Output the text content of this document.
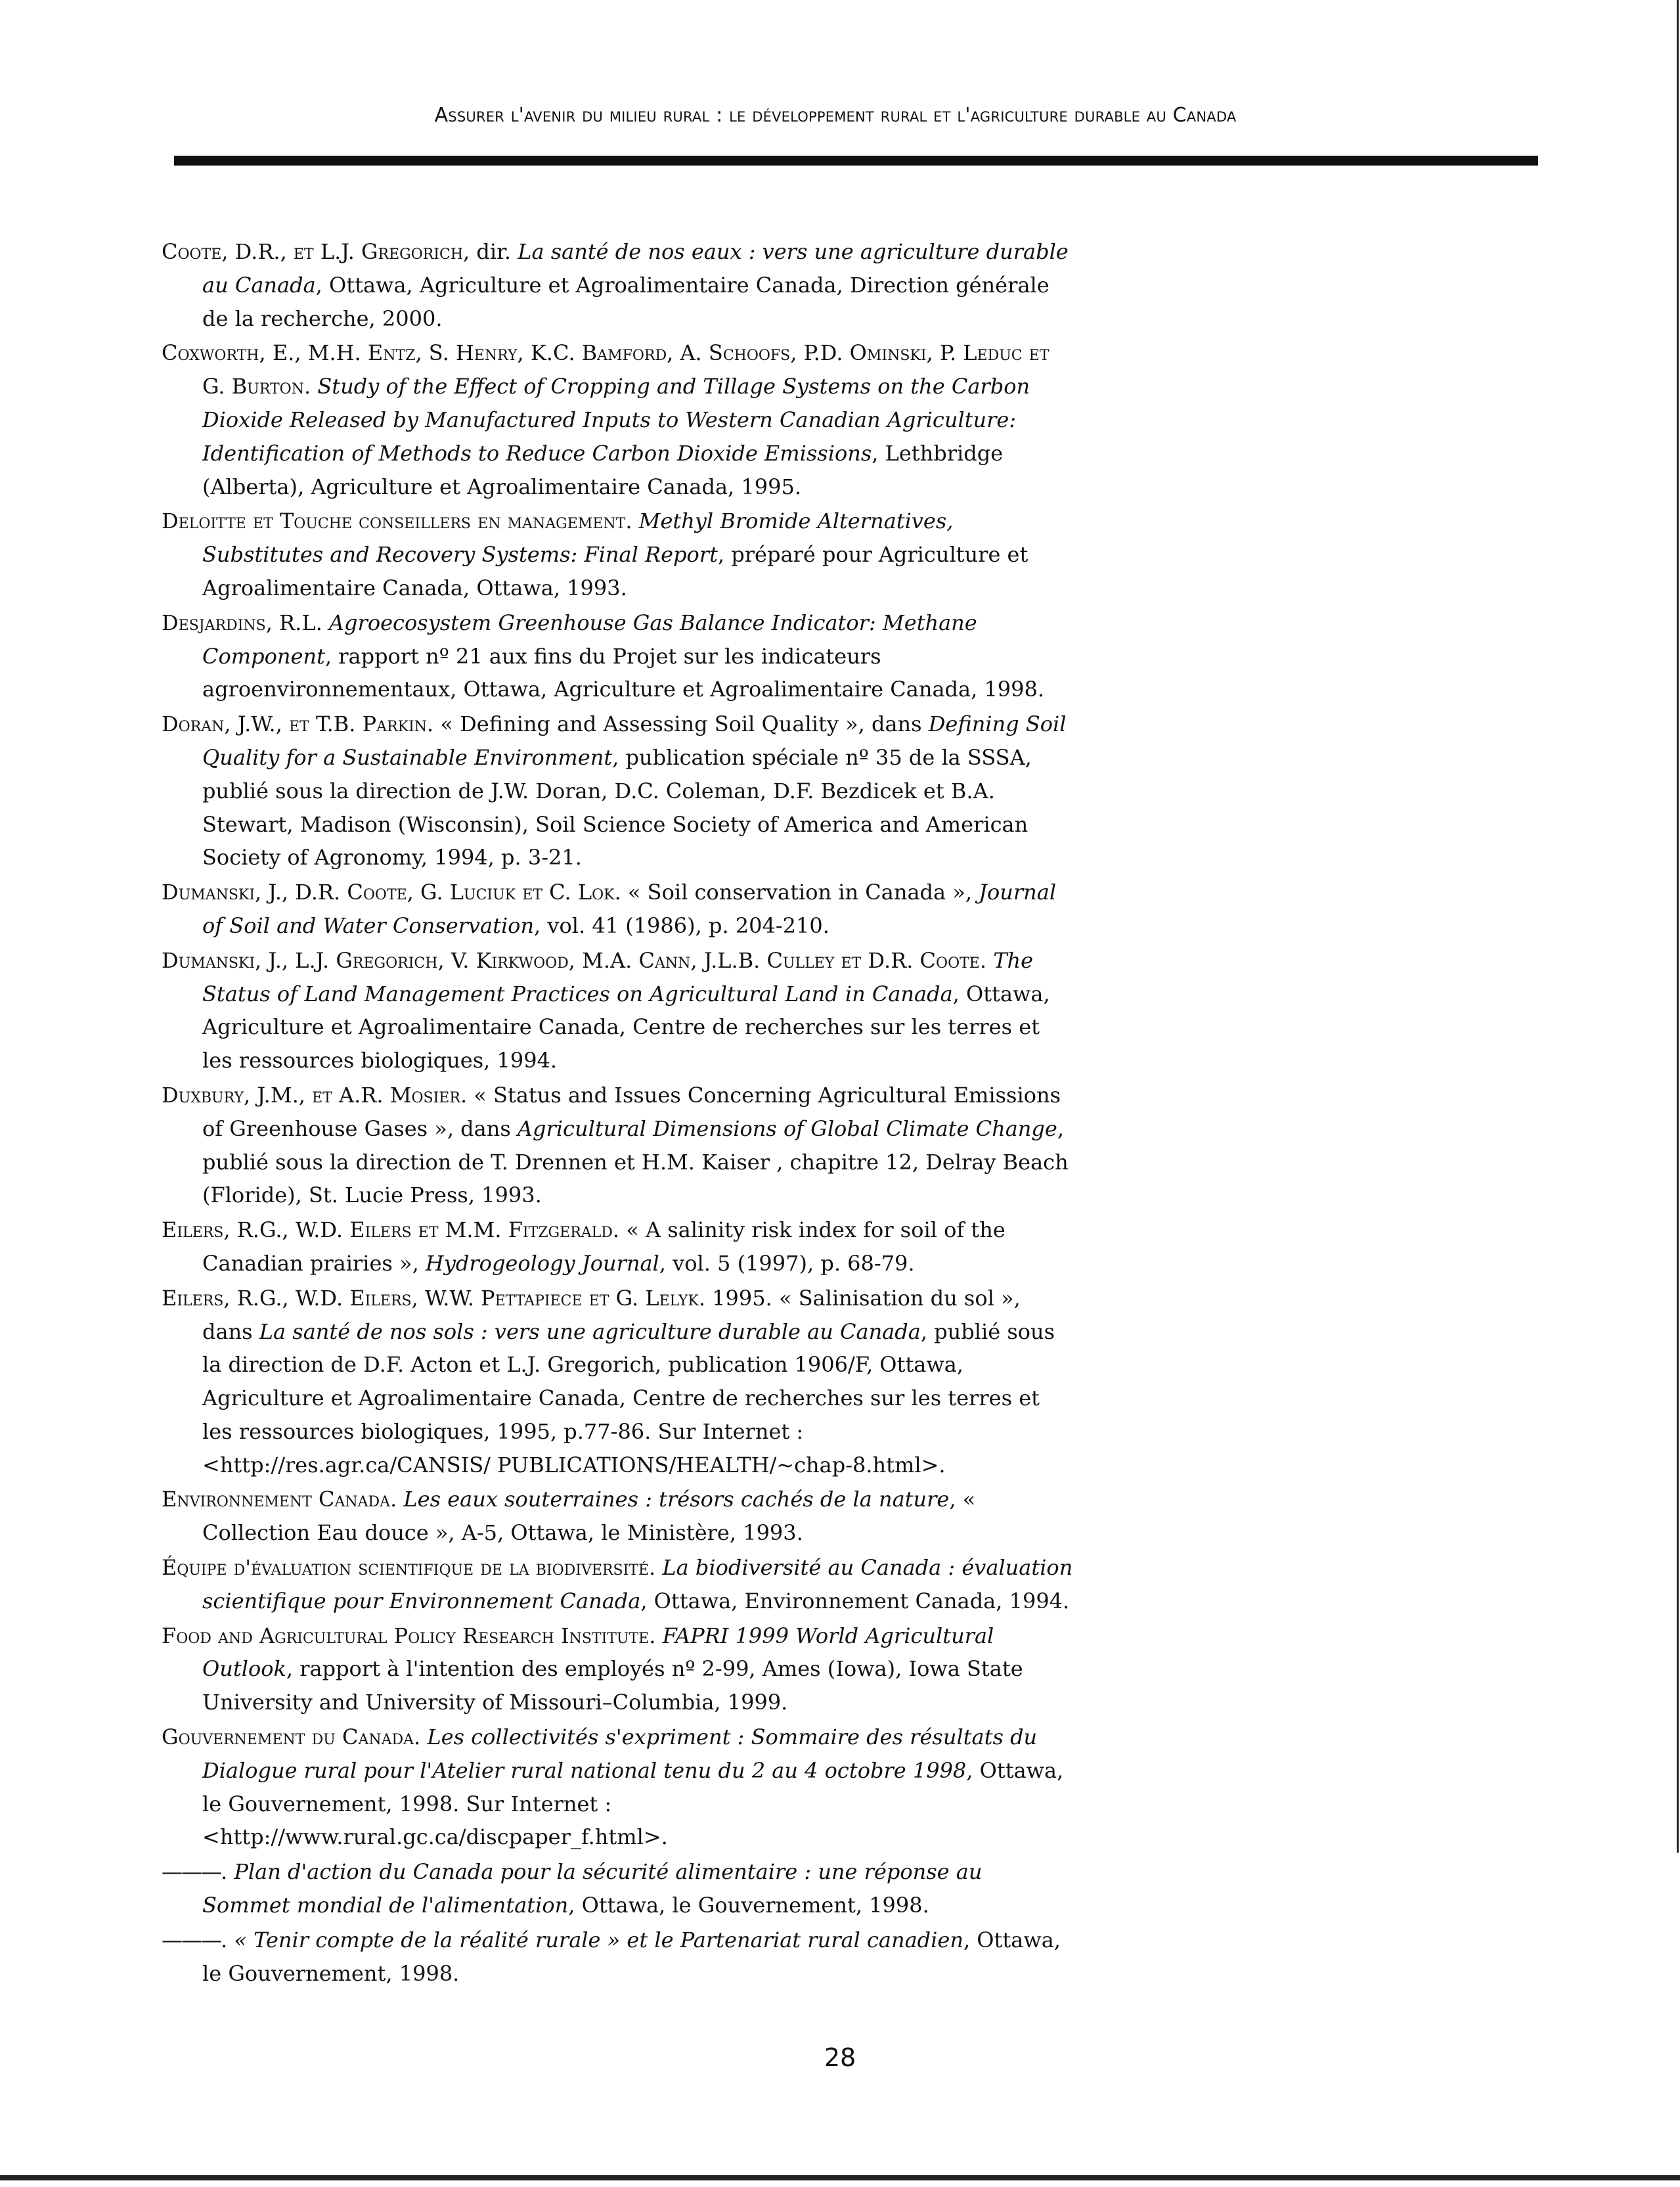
Assurer l'avenir du milieu rural : le développement rural et l'agriculture durable au Canada

Coote, D.R., et L.J. Gregorich, dir. La santé de nos eaux : vers une agriculture durable au Canada, Ottawa, Agriculture et Agroalimentaire Canada, Direction générale de la recherche, 2000.

Coxworth, E., M.H. Entz, S. Henry, K.C. Bamford, A. Schoofs, P.D. Ominski, P. Leduc et G. Burton. Study of the Effect of Cropping and Tillage Systems on the Carbon Dioxide Released by Manufactured Inputs to Western Canadian Agriculture: Identification of Methods to Reduce Carbon Dioxide Emissions, Lethbridge (Alberta), Agriculture et Agroalimentaire Canada, 1995.

Deloitte et Touche conseillers en management. Methyl Bromide Alternatives, Substitutes and Recovery Systems: Final Report, préparé pour Agriculture et Agroalimentaire Canada, Ottawa, 1993.

Desjardins, R.L. Agroecosystem Greenhouse Gas Balance Indicator: Methane Component, rapport nº 21 aux fins du Projet sur les indicateurs agroenvironnementaux, Ottawa, Agriculture et Agroalimentaire Canada, 1998.

Doran, J.W., et T.B. Parkin. « Defining and Assessing Soil Quality », dans Defining Soil Quality for a Sustainable Environment, publication spéciale nº 35 de la SSSA, publié sous la direction de J.W. Doran, D.C. Coleman, D.F. Bezdicek et B.A. Stewart, Madison (Wisconsin), Soil Science Society of America and American Society of Agronomy, 1994, p. 3-21.

Dumanski, J., D.R. Coote, G. Luciuk et C. Lok. « Soil conservation in Canada », Journal of Soil and Water Conservation, vol. 41 (1986), p. 204-210.

Dumanski, J., L.J. Gregorich, V. Kirkwood, M.A. Cann, J.L.B. Culley et D.R. Coote. The Status of Land Management Practices on Agricultural Land in Canada, Ottawa, Agriculture et Agroalimentaire Canada, Centre de recherches sur les terres et les ressources biologiques, 1994.

Duxbury, J.M., et A.R. Mosier. « Status and Issues Concerning Agricultural Emissions of Greenhouse Gases », dans Agricultural Dimensions of Global Climate Change, publié sous la direction de T. Drennen et H.M. Kaiser , chapitre 12, Delray Beach (Floride), St. Lucie Press, 1993.

Eilers, R.G., W.D. Eilers et M.M. Fitzgerald. « A salinity risk index for soil of the Canadian prairies », Hydrogeology Journal, vol. 5 (1997), p. 68-79.

Eilers, R.G., W.D. Eilers, W.W. Pettapiece et G. Lelyk. 1995. « Salinisation du sol », dans La santé de nos sols : vers une agriculture durable au Canada, publié sous la direction de D.F. Acton et L.J. Gregorich, publication 1906/F, Ottawa, Agriculture et Agroalimentaire Canada, Centre de recherches sur les terres et les ressources biologiques, 1995, p.77-86. Sur Internet : <http://res.agr.ca/CANSIS/ PUBLICATIONS/HEALTH/~chap-8.html>.

Environnement Canada. Les eaux souterraines : trésors cachés de la nature, « Collection Eau douce », A-5, Ottawa, le Ministère, 1993.

Équipe d'évaluation scientifique de la biodiversité. La biodiversité au Canada : évaluation scientifique pour Environnement Canada, Ottawa, Environnement Canada, 1994.

Food and Agricultural Policy Research Institute. FAPRI 1999 World Agricultural Outlook, rapport à l'intention des employés nº 2-99, Ames (Iowa), Iowa State University and University of Missouri–Columbia, 1999.

Gouvernement du Canada. Les collectivités s'expriment : Sommaire des résultats du Dialogue rural pour l'Atelier rural national tenu du 2 au 4 octobre 1998, Ottawa, le Gouvernement, 1998. Sur Internet : <http://www.rural.gc.ca/discpaper_f.html>.

———. Plan d'action du Canada pour la sécurité alimentaire : une réponse au Sommet mondial de l'alimentation, Ottawa, le Gouvernement, 1998.

———. « Tenir compte de la réalité rurale » et le Partenariat rural canadien, Ottawa, le Gouvernement, 1998.

28
